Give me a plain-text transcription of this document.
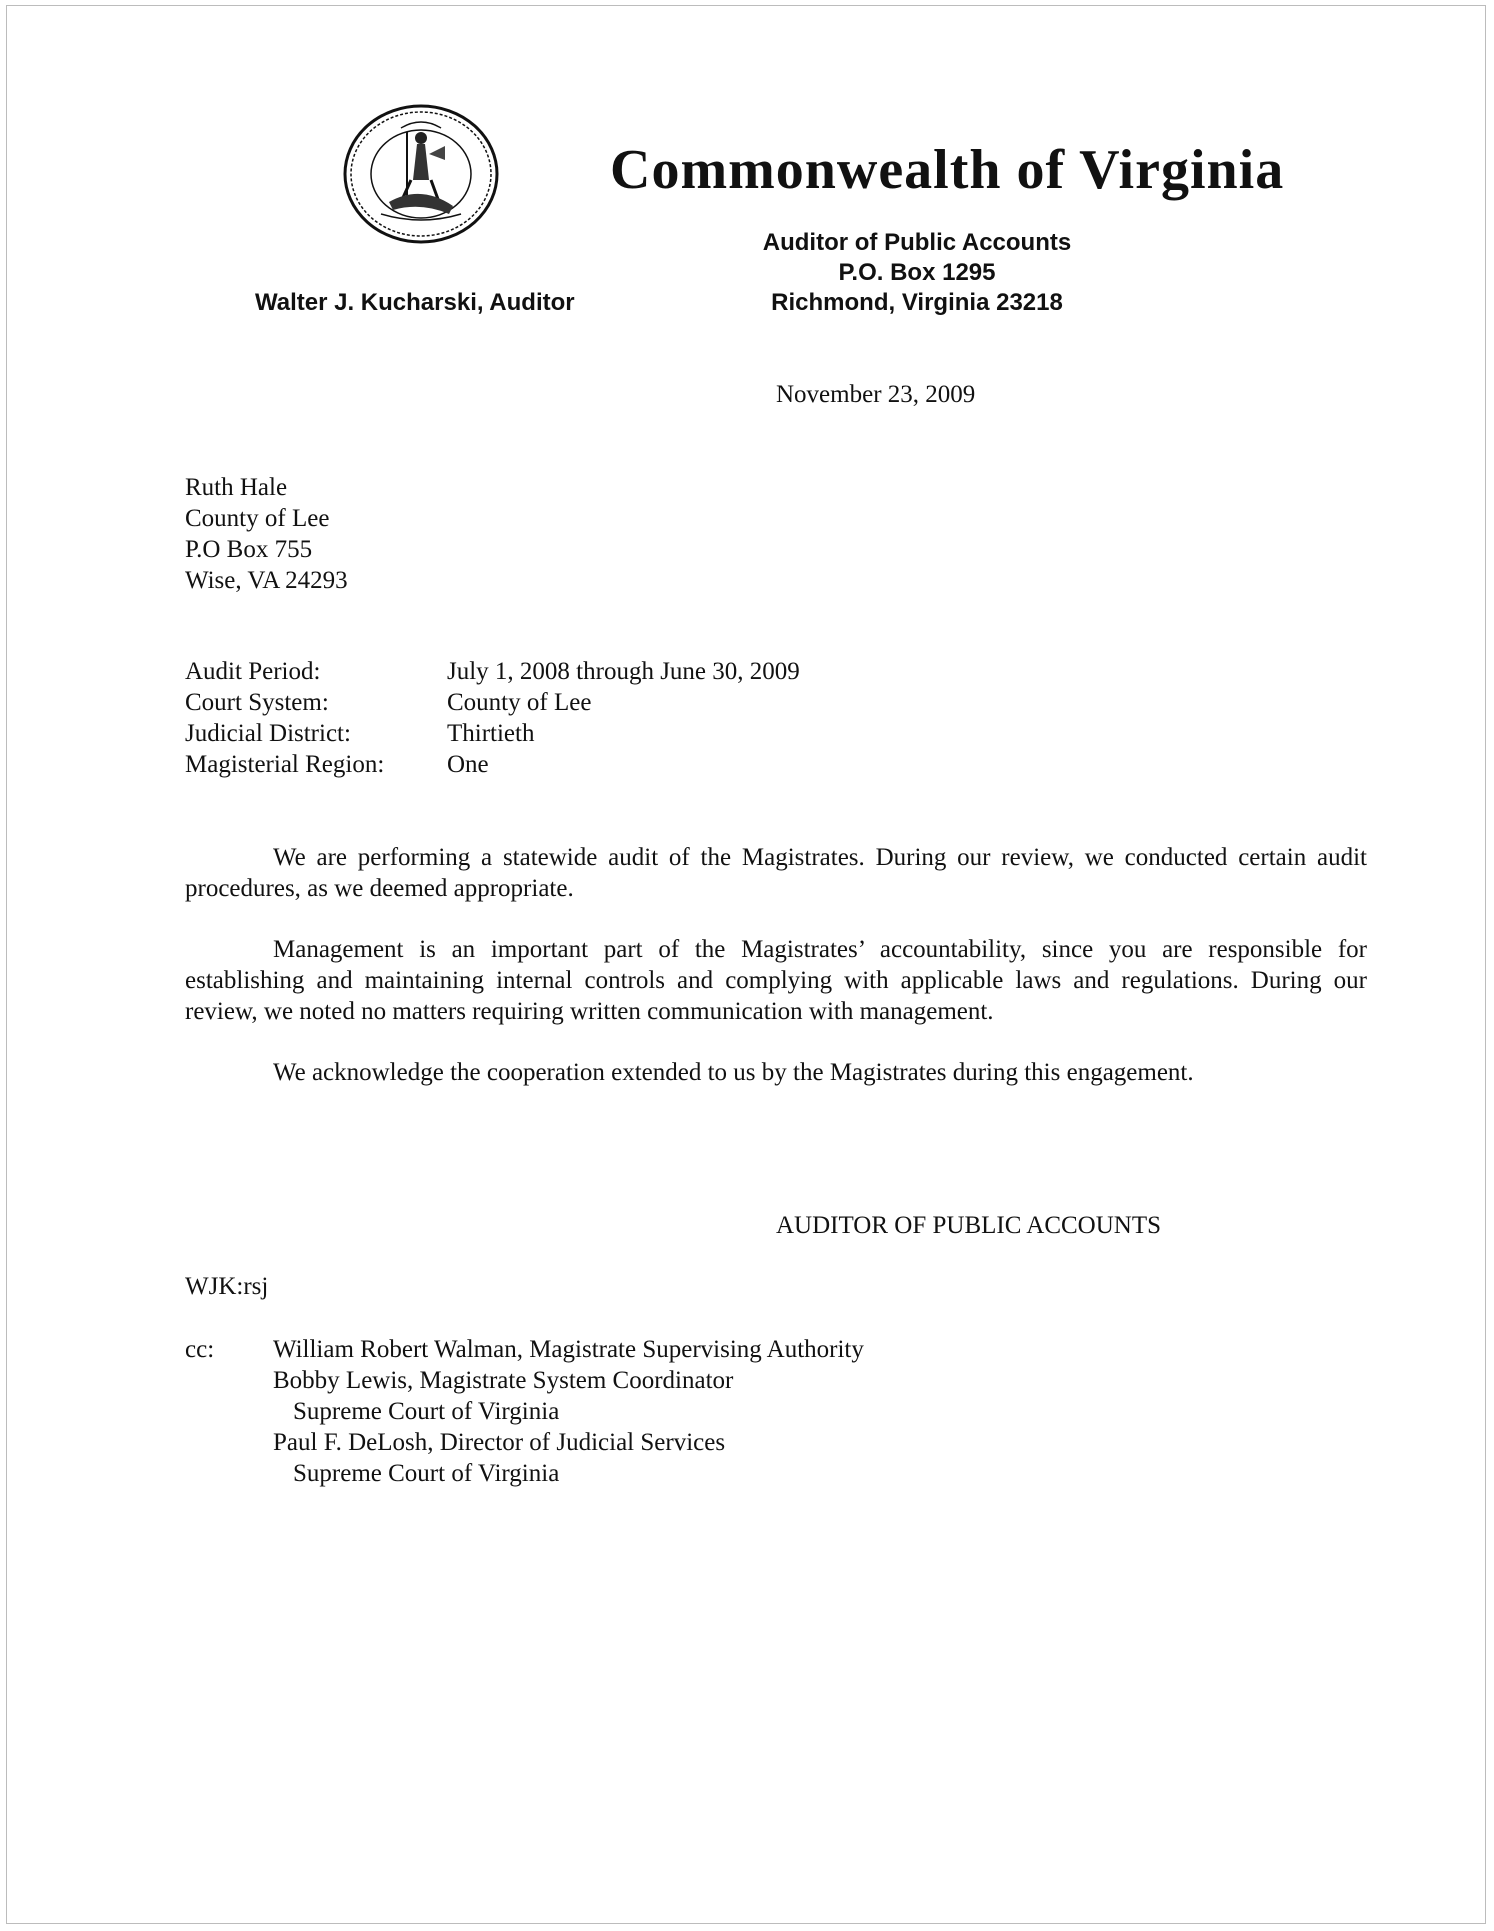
Commonwealth of Virginia
Auditor of Public Accounts
P.O. Box 1295
Richmond, Virginia 23218
Walter J. Kucharski, Auditor
November 23, 2009
Ruth Hale
County of Lee
P.O Box 755
Wise, VA 24293
Audit Period:	July 1, 2008 through June 30, 2009
Court System:	County of Lee
Judicial District:	Thirtieth
Magisterial Region:	One

We are performing a statewide audit of the Magistrates. During our review, we conducted certain audit procedures, as we deemed appropriate.

Management is an important part of the Magistrates’ accountability, since you are responsible for establishing and maintaining internal controls and complying with applicable laws and regulations. During our review, we noted no matters requiring written communication with management.

We acknowledge the cooperation extended to us by the Magistrates during this engagement.

AUDITOR OF PUBLIC ACCOUNTS
WJK:rsj
cc: William Robert Walman, Magistrate Supervising Authority
Bobby Lewis, Magistrate System Coordinator
Supreme Court of Virginia
Paul F. DeLosh, Director of Judicial Services
Supreme Court of Virginia
